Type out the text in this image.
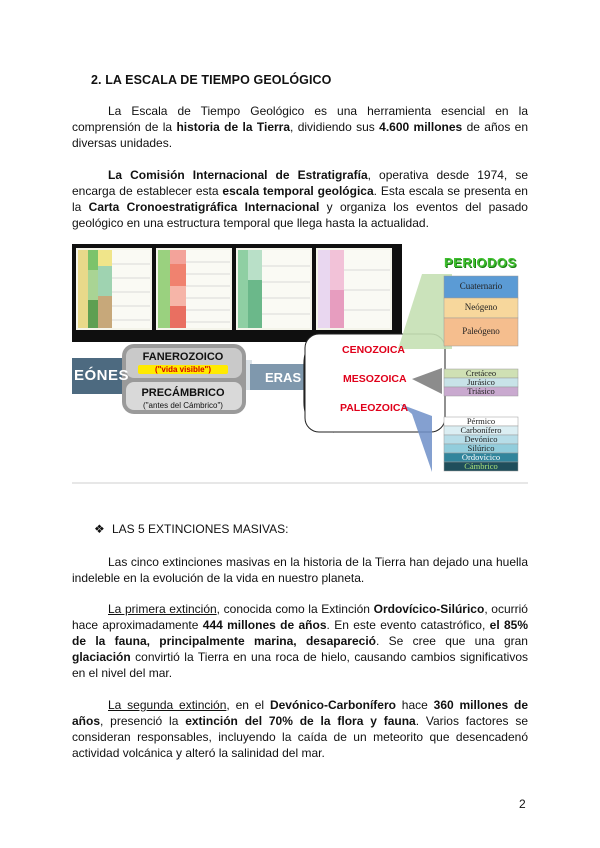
2. LA ESCALA DE TIEMPO GEOLÓGICO

La Escala de Tiempo Geológico es una herramienta esencial en la comprensión de la historia de la Tierra, dividiendo sus 4.600 millones de años en diversas unidades.

La Comisión Internacional de Estratigrafía, operativa desde 1974, se encarga de establecer esta escala temporal geológica. Esta escala se presenta en la Carta Cronoestratigráfica Internacional y organiza los eventos del pasado geológico en una estructura temporal que llega hasta la actualidad.

PERIODOS
EÓNES
FANEROZOICO
("vida visible")
PRECÁMBRICO
("antes del Cámbrico")
ERAS
CENOZOICA
MESOZOICA
PALEOZOICA
Cuaternario
Neógeno
Paleógeno
Cretáceo
Jurásico
Triásico
Pérmico
Carbonífero
Devónico
Silúrico
Ordovícico
Cámbrico
❖ LAS 5 EXTINCIONES MASIVAS:

Las cinco extinciones masivas en la historia de la Tierra han dejado una huella indeleble en la evolución de la vida en nuestro planeta.

La primera extinción, conocida como la Extinción Ordovícico-Silúrico, ocurrió hace aproximadamente 444 millones de años. En este evento catastrófico, el 85% de la fauna, principalmente marina, desapareció. Se cree que una gran glaciación convirtió la Tierra en una roca de hielo, causando cambios significativos en el nivel del mar.

La segunda extinción, en el Devónico-Carbonífero hace 360 millones de años, presenció la extinción del 70% de la flora y fauna. Varios factores se consideran responsables, incluyendo la caída de un meteorito que desencadenó actividad volcánica y alteró la salinidad del mar.

2
